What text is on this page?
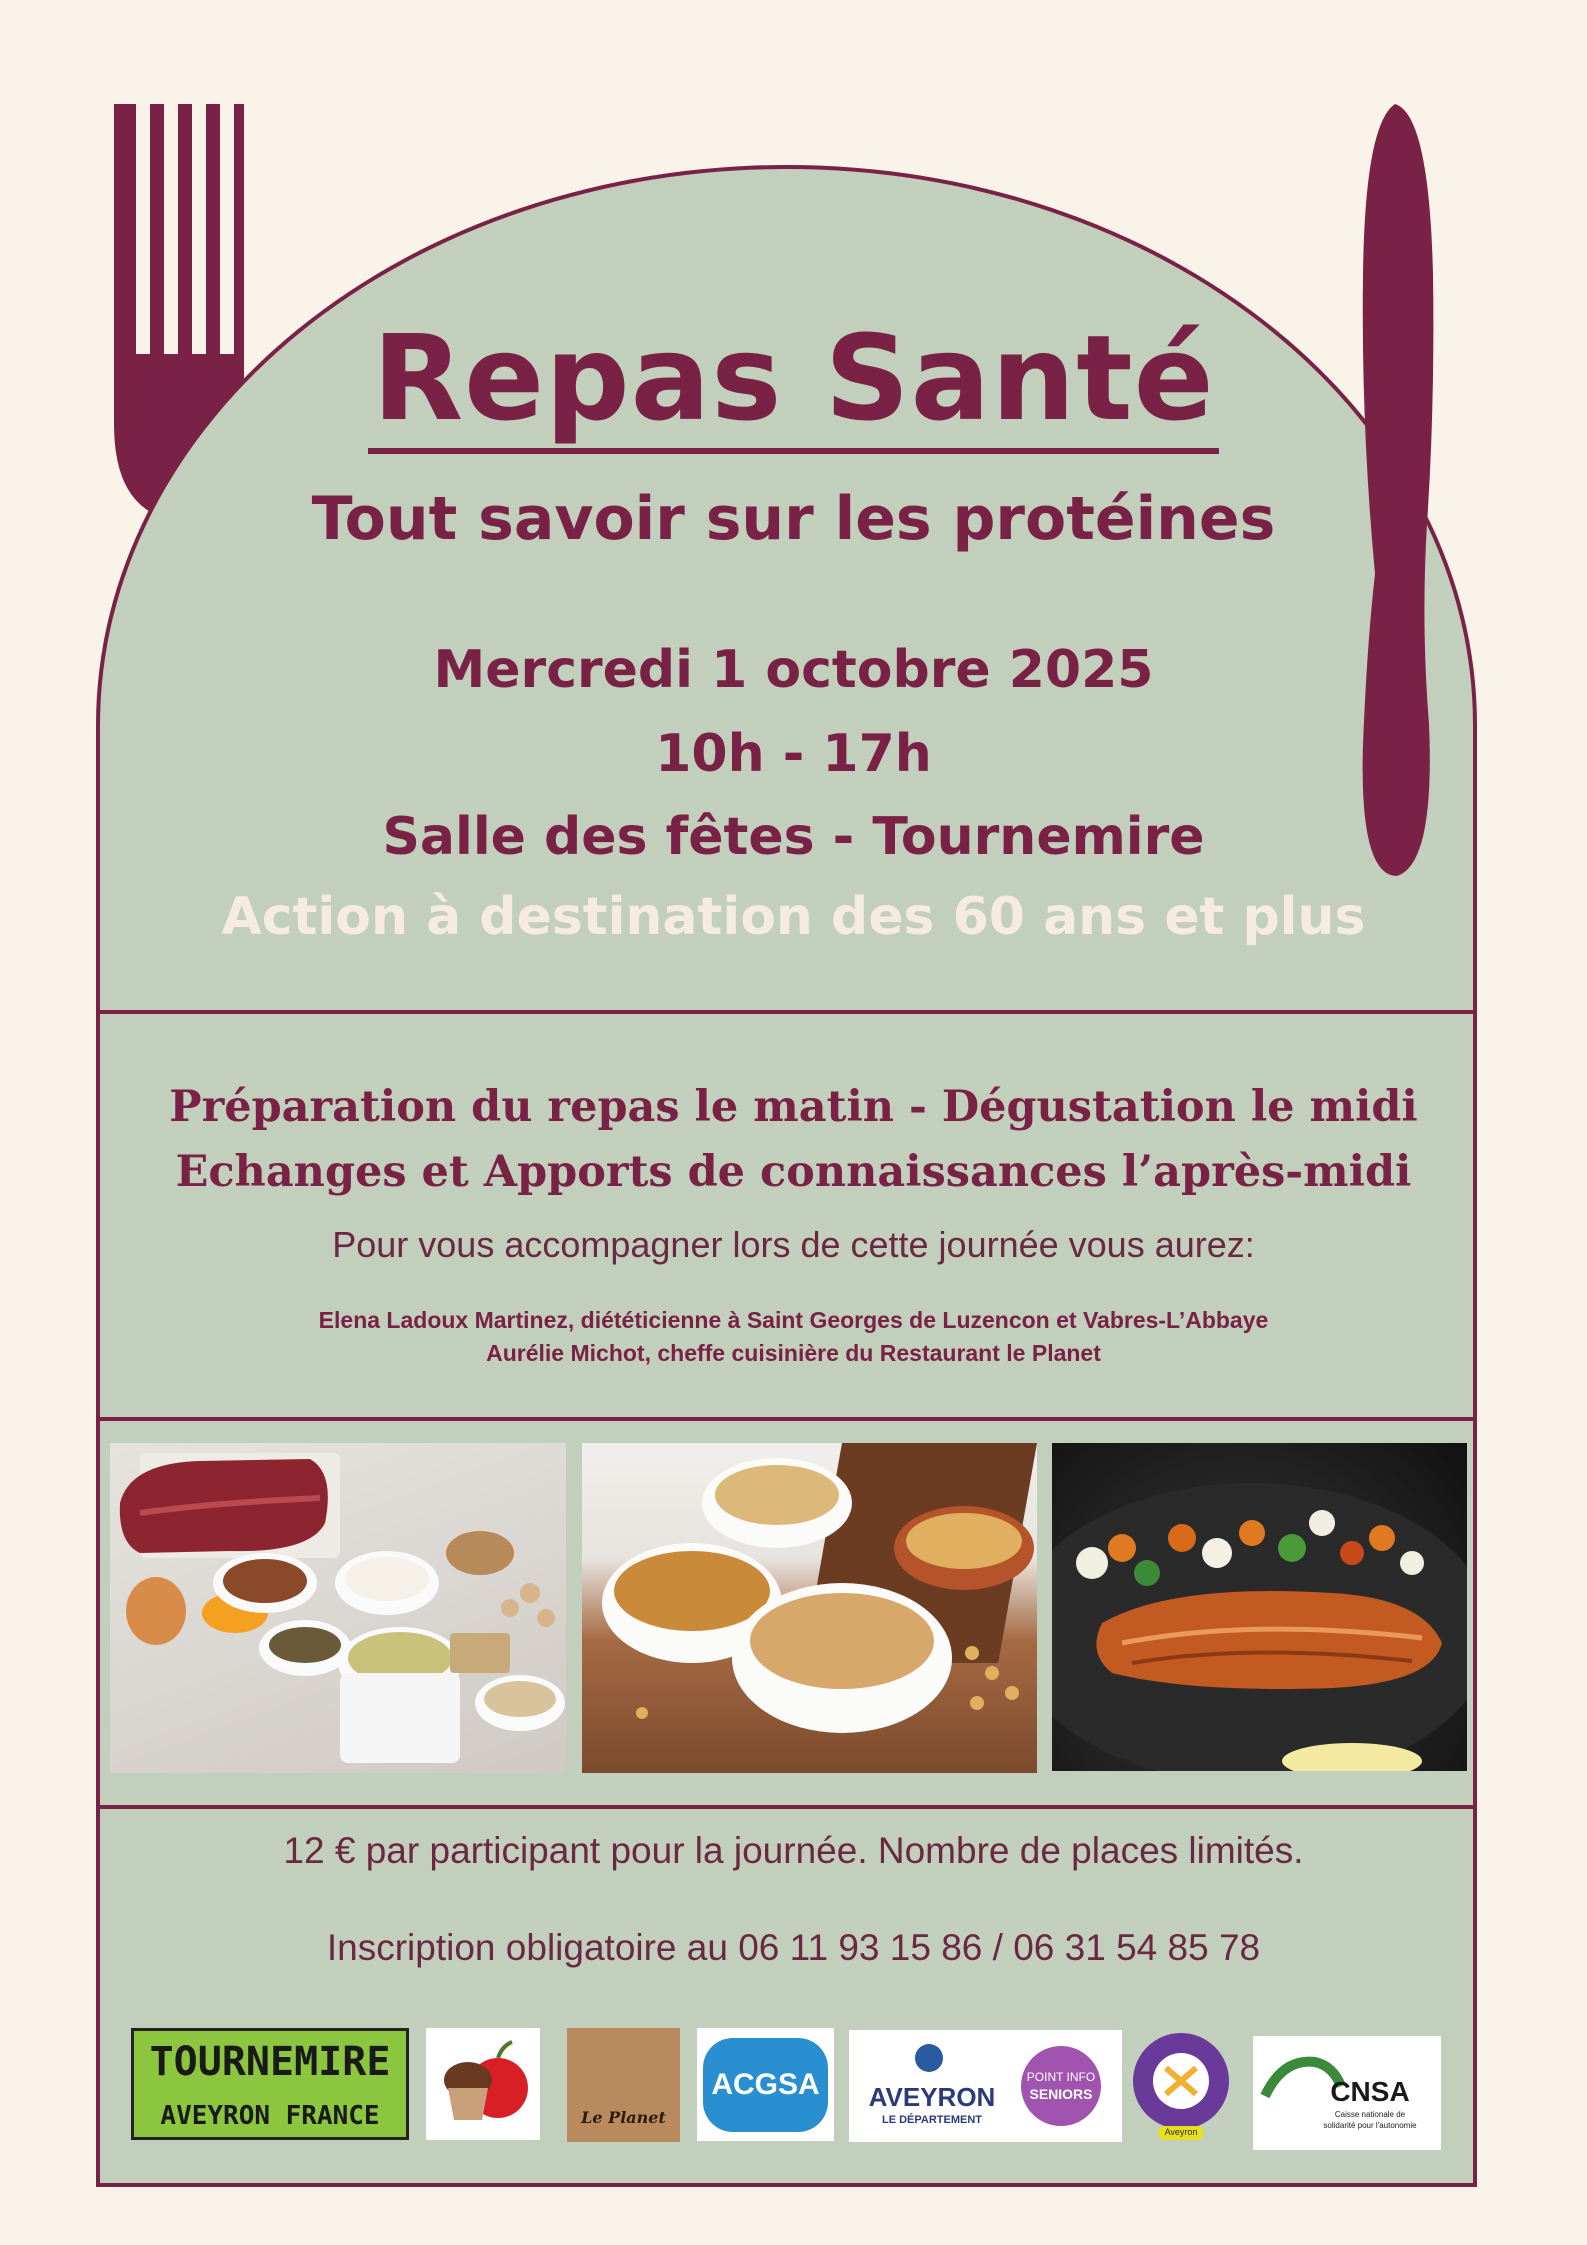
Repas Santé

Tout savoir sur les protéines

Mercredi 1 octobre 2025

10h - 17h

Salle des fêtes - Tournemire

Action à destination des 60 ans et plus

Préparation du repas le matin - Dégustation le midi

Echanges et Apports de connaissances l’après-midi

Pour vous accompagner lors de cette journée vous aurez:

Elena Ladoux Martinez, diététicienne à Saint Georges de Luzencon et Vabres-L’Abbaye

Aurélie Michot, cheffe cuisinière du Restaurant le Planet

12 € par participant pour la journée. Nombre de places limités.

Inscription obligatoire au 06 11 93 15 86 / 06 31 54 85 78

TOURNEMIRE
AVEYRON FRANCE	Le Planet
ACGSA	AVEYRON
LE DÉPARTEMENT
POINT INFO
SENIORS
Aveyron
CNSA
Caisse nationale de
solidarité pour l'autonomie
